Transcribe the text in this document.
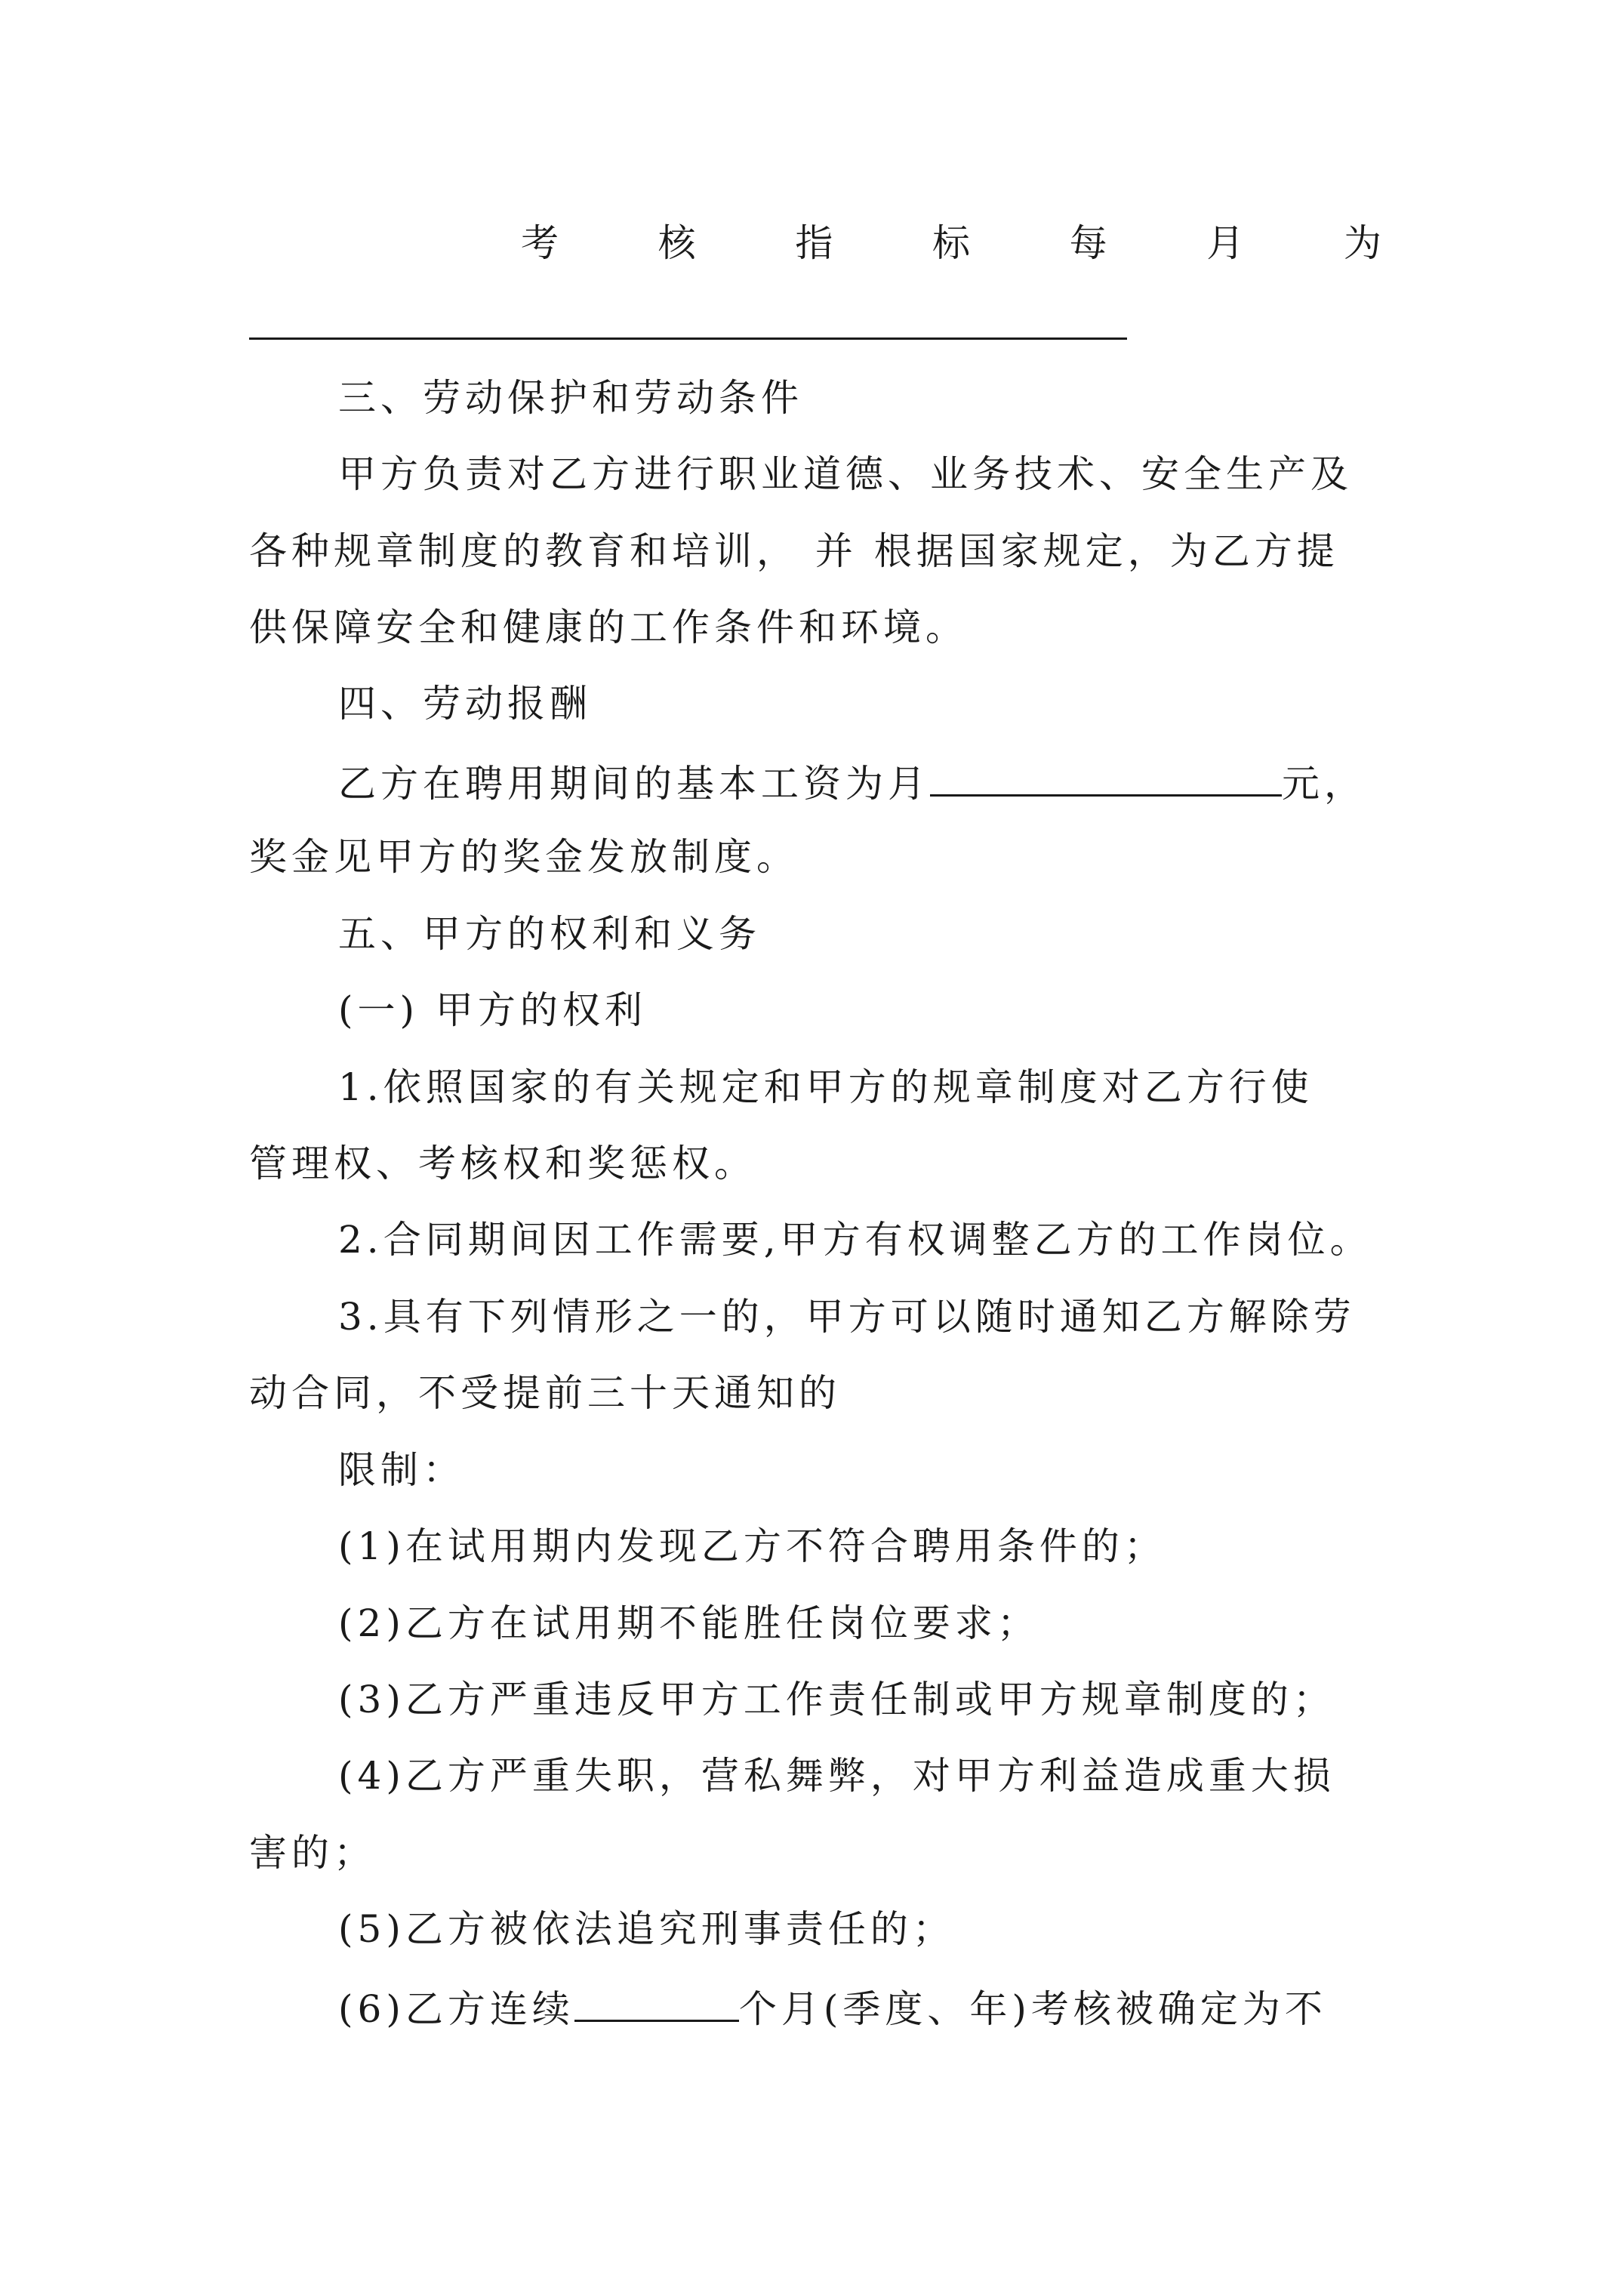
考	核	指	标	每	月	为
三、劳动保护和劳动条件
甲方负责对乙方进行职业道德、业务技术、安全生产及
各种规章制度的教育和培训， 并 根据国家规定，为乙方提
供保障安全和健康的工作条件和环境。
四、劳动报酬
乙方在聘用期间的基本工资为月	元，
奖金见甲方的奖金发放制度。
五、甲方的权利和义务
(一) 甲方的权利
1.依照国家的有关规定和甲方的规章制度对乙方行使
管理权、考核权和奖惩权。
2.合同期间因工作需要,甲方有权调整乙方的工作岗位。
3.具有下列情形之一的，甲方可以随时通知乙方解除劳
动合同，不受提前三十天通知的
限制：
(1)在试用期内发现乙方不符合聘用条件的；
(2)乙方在试用期不能胜任岗位要求；
(3)乙方严重违反甲方工作责任制或甲方规章制度的；
(4)乙方严重失职，营私舞弊，对甲方利益造成重大损
害的；
(5)乙方被依法追究刑事责任的；
(6)乙方连续	个月(季度、年)考核被确定为不
